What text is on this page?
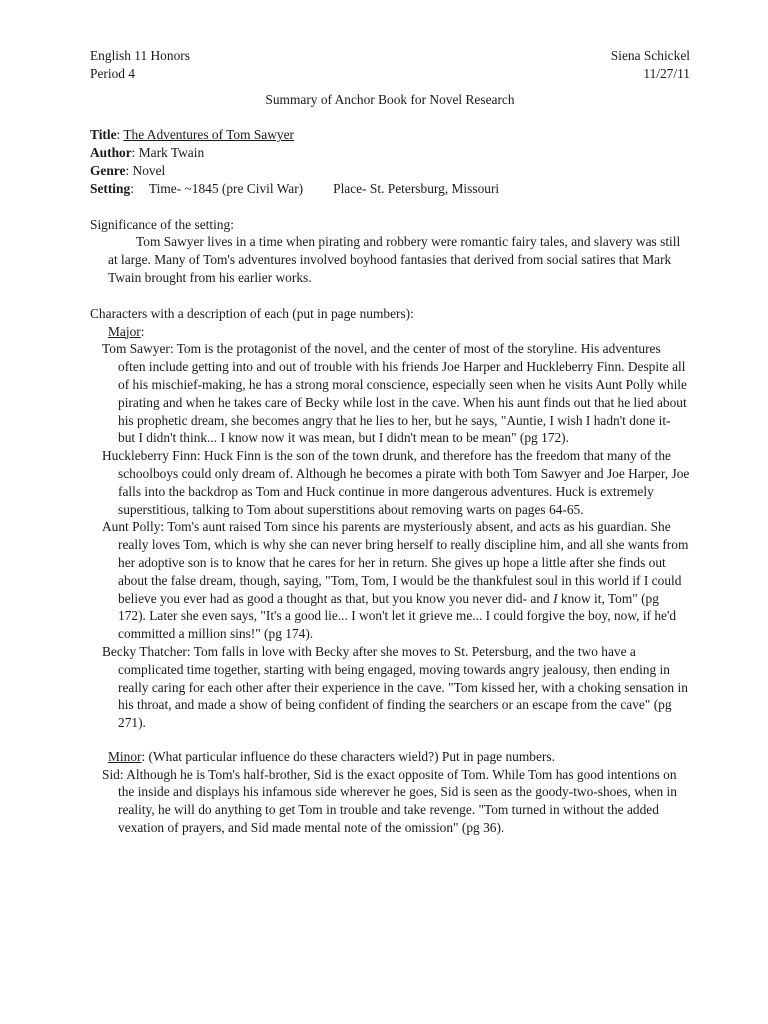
English 11 Honors	Siena Schickel
Period 4	11/27/11
Summary of Anchor Book for Novel Research
Title: The Adventures of Tom Sawyer
Author: Mark Twain
Genre: Novel
Setting: Time- ~1845 (pre Civil War) Place- St. Petersburg, Missouri
Significance of the setting:
Tom Sawyer lives in a time when pirating and robbery were romantic fairy tales, and slavery was still at large. Many of Tom's adventures involved boyhood fantasies that derived from social satires that Mark Twain brought from his earlier works.
Characters with a description of each (put in page numbers):
Major:
Tom Sawyer: Tom is the protagonist of the novel, and the center of most of the storyline. His adventures often include getting into and out of trouble with his friends Joe Harper and Huckleberry Finn. Despite all of his mischief-making, he has a strong moral conscience, especially seen when he visits Aunt Polly while pirating and when he takes care of Becky while lost in the cave. When his aunt finds out that he lied about his prophetic dream, she becomes angry that he lies to her, but he says, "Auntie, I wish I hadn't done it- but I didn't think... I know now it was mean, but I didn't mean to be mean" (pg 172).
Huckleberry Finn: Huck Finn is the son of the town drunk, and therefore has the freedom that many of the schoolboys could only dream of. Although he becomes a pirate with both Tom Sawyer and Joe Harper, Joe falls into the backdrop as Tom and Huck continue in more dangerous adventures. Huck is extremely superstitious, talking to Tom about superstitions about removing warts on pages 64-65.
Aunt Polly: Tom's aunt raised Tom since his parents are mysteriously absent, and acts as his guardian. She really loves Tom, which is why she can never bring herself to really discipline him, and all she wants from her adoptive son is to know that he cares for her in return. She gives up hope a little after she finds out about the false dream, though, saying, "Tom, Tom, I would be the thankfulest soul in this world if I could believe you ever had as good a thought as that, but you know you never did- and I know it, Tom" (pg 172). Later she even says, "It's a good lie... I won't let it grieve me... I could forgive the boy, now, if he'd committed a million sins!" (pg 174).
Becky Thatcher: Tom falls in love with Becky after she moves to St. Petersburg, and the two have a complicated time together, starting with being engaged, moving towards angry jealousy, then ending in really caring for each other after their experience in the cave. "Tom kissed her, with a choking sensation in his throat, and made a show of being confident of finding the searchers or an escape from the cave" (pg 271).
Minor: (What particular influence do these characters wield?) Put in page numbers.
Sid: Although he is Tom's half-brother, Sid is the exact opposite of Tom. While Tom has good intentions on the inside and displays his infamous side wherever he goes, Sid is seen as the goody-two-shoes, when in reality, he will do anything to get Tom in trouble and take revenge. "Tom turned in without the added vexation of prayers, and Sid made mental note of the omission" (pg 36).
